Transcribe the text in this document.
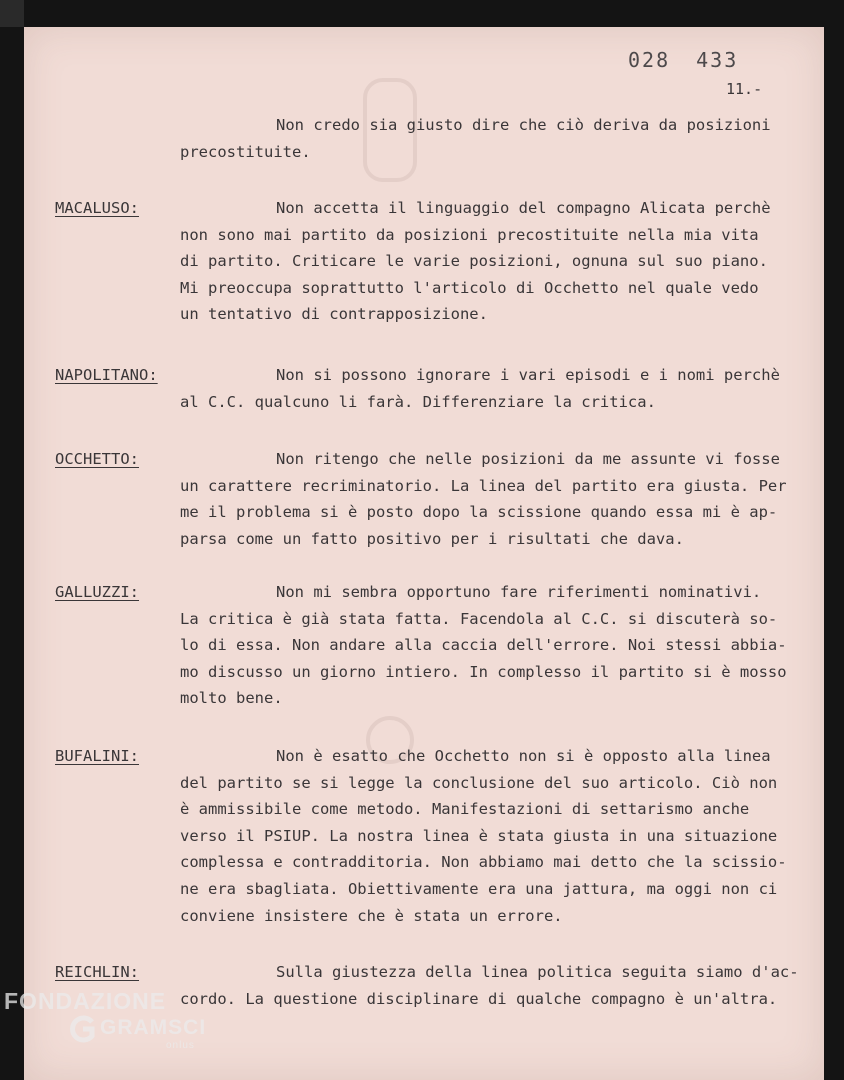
028 433
11.-
Non credo sia giusto dire che ciò deriva da posizioni
precostituite.
MACALUSO:	Non accetta il linguaggio del compagno Alicata perchè
non sono mai partito da posizioni precostituite nella mia vita
di partito. Criticare le varie posizioni, ognuna sul suo piano.
Mi preoccupa soprattutto l'articolo di Occhetto nel quale vedo
un tentativo di contrapposizione.
NAPOLITANO:	Non si possono ignorare i vari episodi e i nomi perchè
al C.C. qualcuno li farà. Differenziare la critica.
OCCHETTO:	Non ritengo che nelle posizioni da me assunte vi fosse
un carattere recriminatorio. La linea del partito era giusta. Per
me il problema si è posto dopo la scissione quando essa mi è ap-
parsa come un fatto positivo per i risultati che dava.
GALLUZZI:	Non mi sembra opportuno fare riferimenti nominativi.
La critica è già stata fatta. Facendola al C.C. si discuterà so-
lo di essa. Non andare alla caccia dell'errore. Noi stessi abbia-
mo discusso un giorno intiero. In complesso il partito si è mosso
molto bene.
BUFALINI:	Non è esatto che Occhetto non si è opposto alla linea
del partito se si legge la conclusione del suo articolo. Ciò non
è ammissibile come metodo. Manifestazioni di settarismo anche
verso il PSIUP. La nostra linea è stata giusta in una situazione
complessa e contradditoria. Non abbiamo mai detto che la scissio-
ne era sbagliata. Obiettivamente era una jattura, ma oggi non ci
conviene insistere che è stata un errore.
REICHLIN:	Sulla giustezza della linea politica seguita siamo d'ac-
cordo. La questione disciplinare di qualche compagno è un'altra.
FONDAZIONE
GRAMSCI
onlus
